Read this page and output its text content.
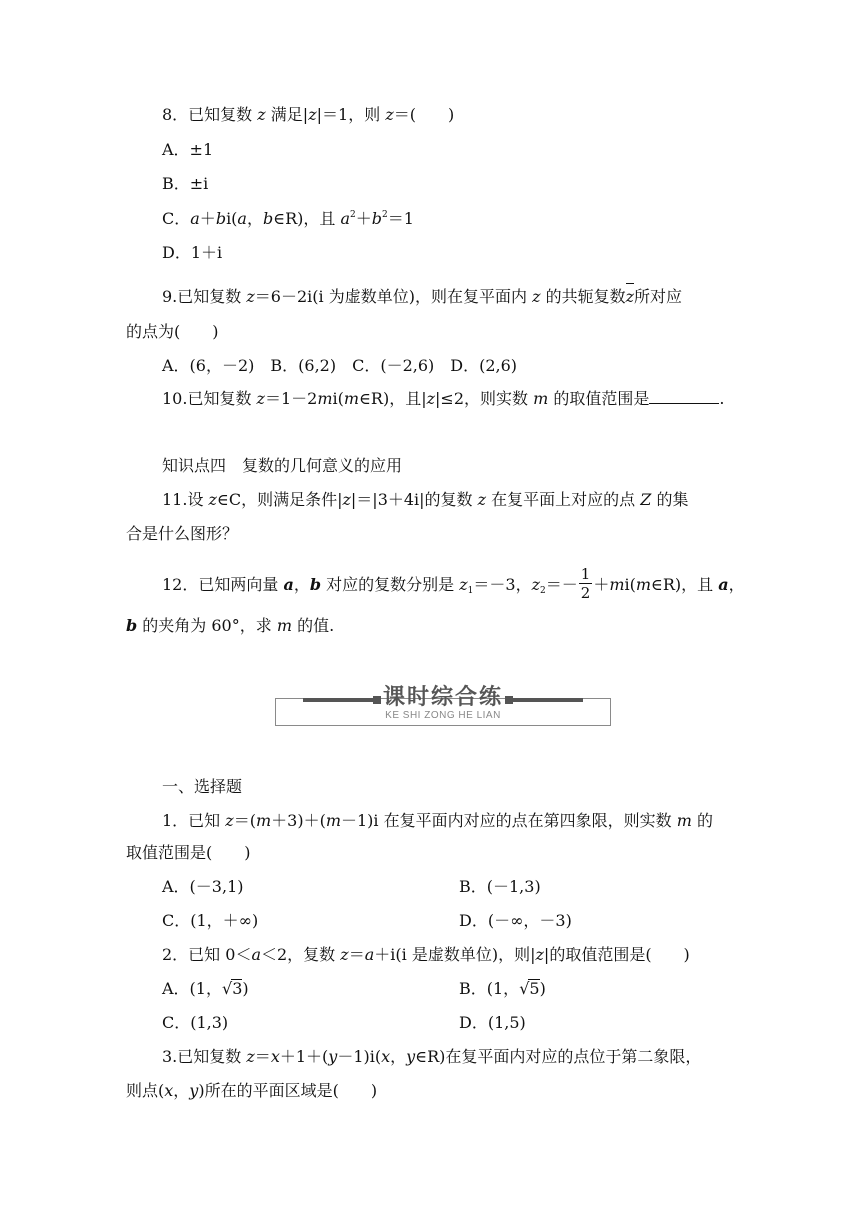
8．已知复数 z 满足|z|＝1，则 z＝(　　)
A．±1
B．±i
C．a＋bi(a，b∈R)，且 $a^2+b^2=1$
D．1＋i
9.已知复数 z＝6－2i(i 为虚数单位)，则在复平面内 z 的共轭复数z所对应
的点为(　　)
A．(6，－2)　B．(6,2)　C．(－2,6)　D．(2,6)
10.已知复数 z＝1－2mi(m∈R)，且|z|≤2，则实数 m 的取值范围是	.
知识点四　复数的几何意义的应用
11.设 z∈C，则满足条件|z|＝|3＋4i|的复数 z 在复平面上对应的点 Z 的集
合是什么图形？
12．已知两向量 a，b 对应的复数分别是 $z_1=-3$，$z_2=- \frac{1}{2}$ ＋mi(m∈R)，且 a，
b 的夹角为 60°，求 m 的值.
课时综合练
KE SHI ZONG HE LIAN
一、选择题
1．已知 z＝(m＋3)＋(m－1)i 在复平面内对应的点在第四象限，则实数 m 的
取值范围是(　　)
A．(－3,1)	B．(－1,3)
C．(1，＋∞)	D．(－∞，－3)
2．已知 0＜a＜2，复数 z＝a＋i(i 是虚数单位)，则|z|的取值范围是(　　)
A．(1，√3)	B．(1，√5)
C．(1,3)	D．(1,5)
3.已知复数 z＝x＋1＋(y－1)i(x，y∈R)在复平面内对应的点位于第二象限，
则点(x，y)所在的平面区域是(　　)
